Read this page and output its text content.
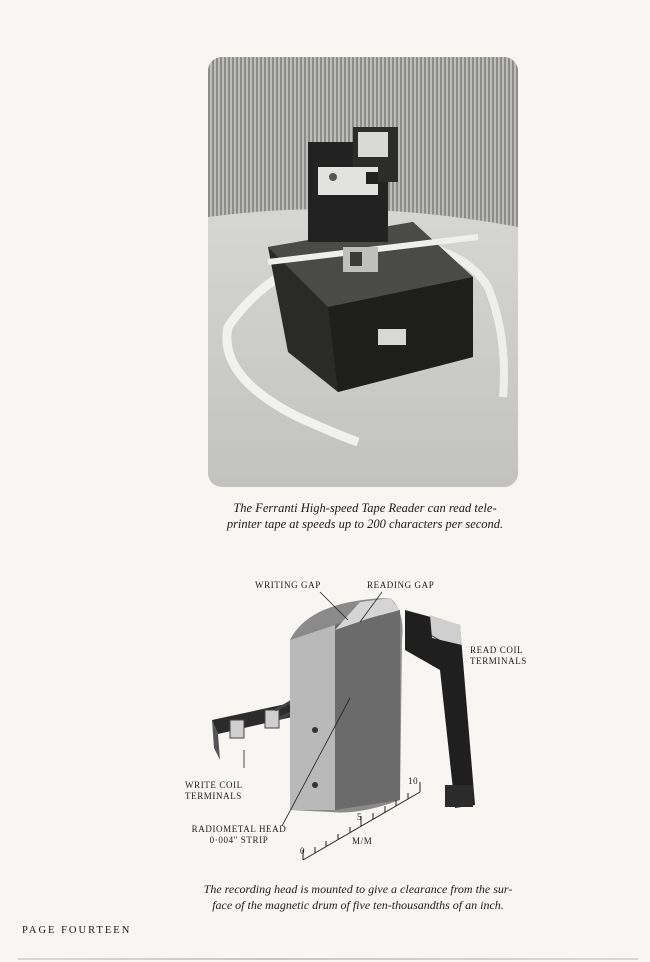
The Ferranti High-speed Tape Reader can read tele-
printer tape at speeds up to 200 characters per second.
WRITING GAP	READING GAP
READ COIL
TERMINALS
WRITE COIL
TERMINALS
RADIOMETAL HEAD
0·004" STRIP
0
5
10
M/M
The recording head is mounted to give a clearance from the sur-
face of the magnetic drum of five ten-thousandths of an inch.
PAGE FOURTEEN
